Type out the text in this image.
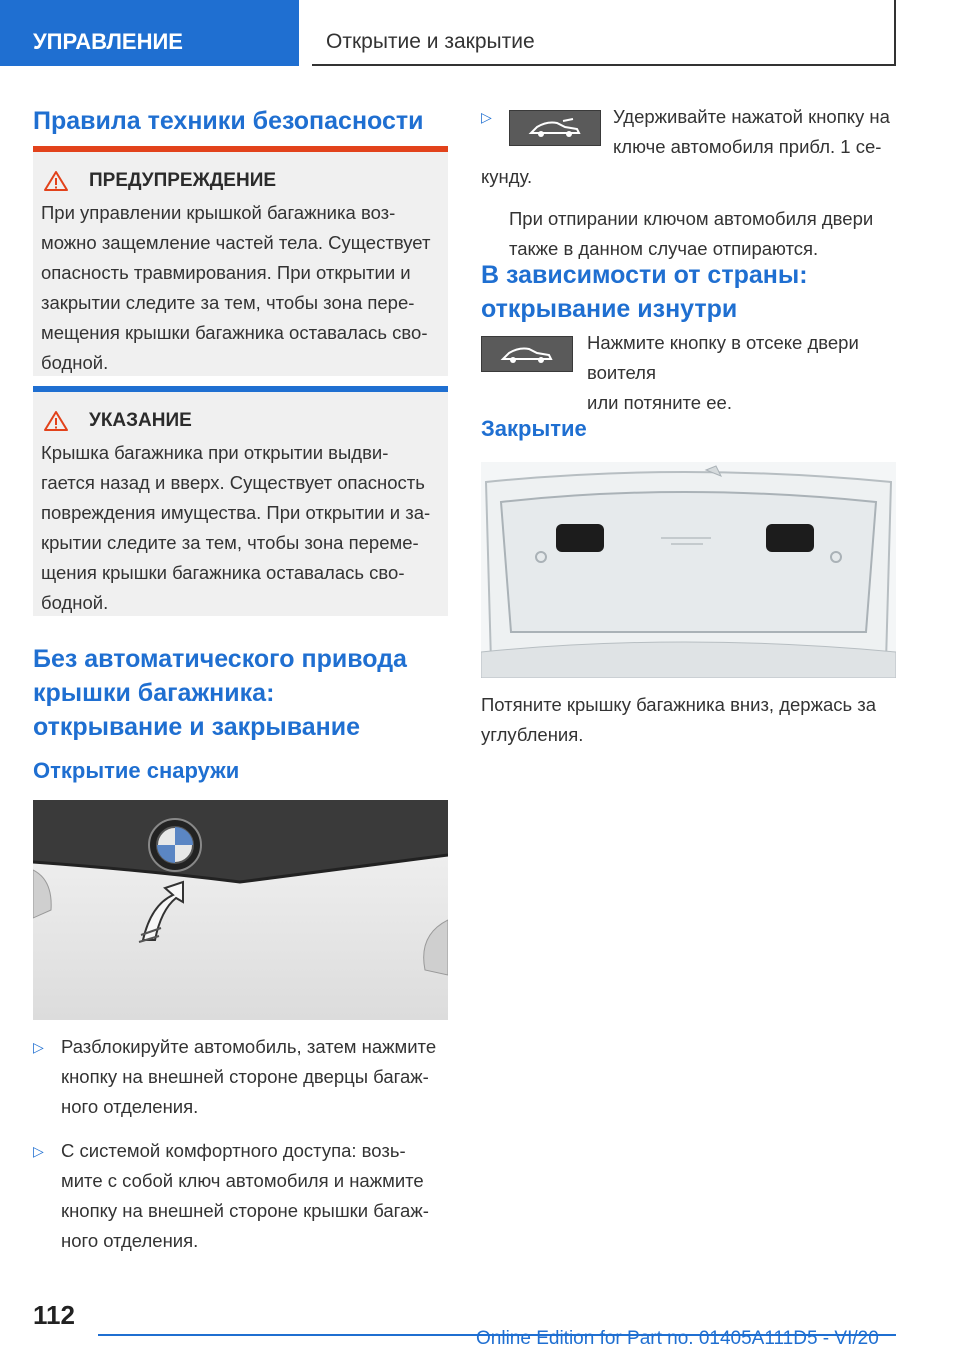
УПРАВЛЕНИЕ	Открытие и закрытие
Правила техники безопасности
ПРЕДУПРЕЖДЕНИЕ

При управлении крышкой багажника воз-

можно защемление частей тела. Существует

опасность травмирования. При открытии и

закрытии следите за тем, чтобы зона пере-

мещения крышки багажника оставалась сво-

бодной.

УКАЗАНИЕ

Крышка багажника при открытии выдви-

гается назад и вверх. Существует опасность

повреждения имущества. При открытии и за-

крытии следите за тем, чтобы зона переме-

щения крышки багажника оставалась сво-

бодной.

Без автоматического привода
крышки багажника:
открывание и закрывание
Открытие снаружи
▷ Разблокируйте автомобиль, затем нажмите
кнопку на внешней стороне дверцы багаж-
ного отделения.
▷ С системой комфортного доступа: возь-
мите с собой ключ автомобиля и нажмите
кнопку на внешней стороне крышки багаж-
ного отделения.
▷	Удерживайте нажатой кнопку на
ключе автомобиля прибл. 1 се-
кунду.

При отпирании ключом автомобиля двери

также в данном случае отпираются.

В зависимости от страны:
открывание изнутри

Нажмите кнопку в отсеке двери воителя

или потяните ее.

Закрытие

Потяните крышку багажника вниз, держась за

углубления.

112
Online Edition for Part no. 01405A111D5 - VI/20
